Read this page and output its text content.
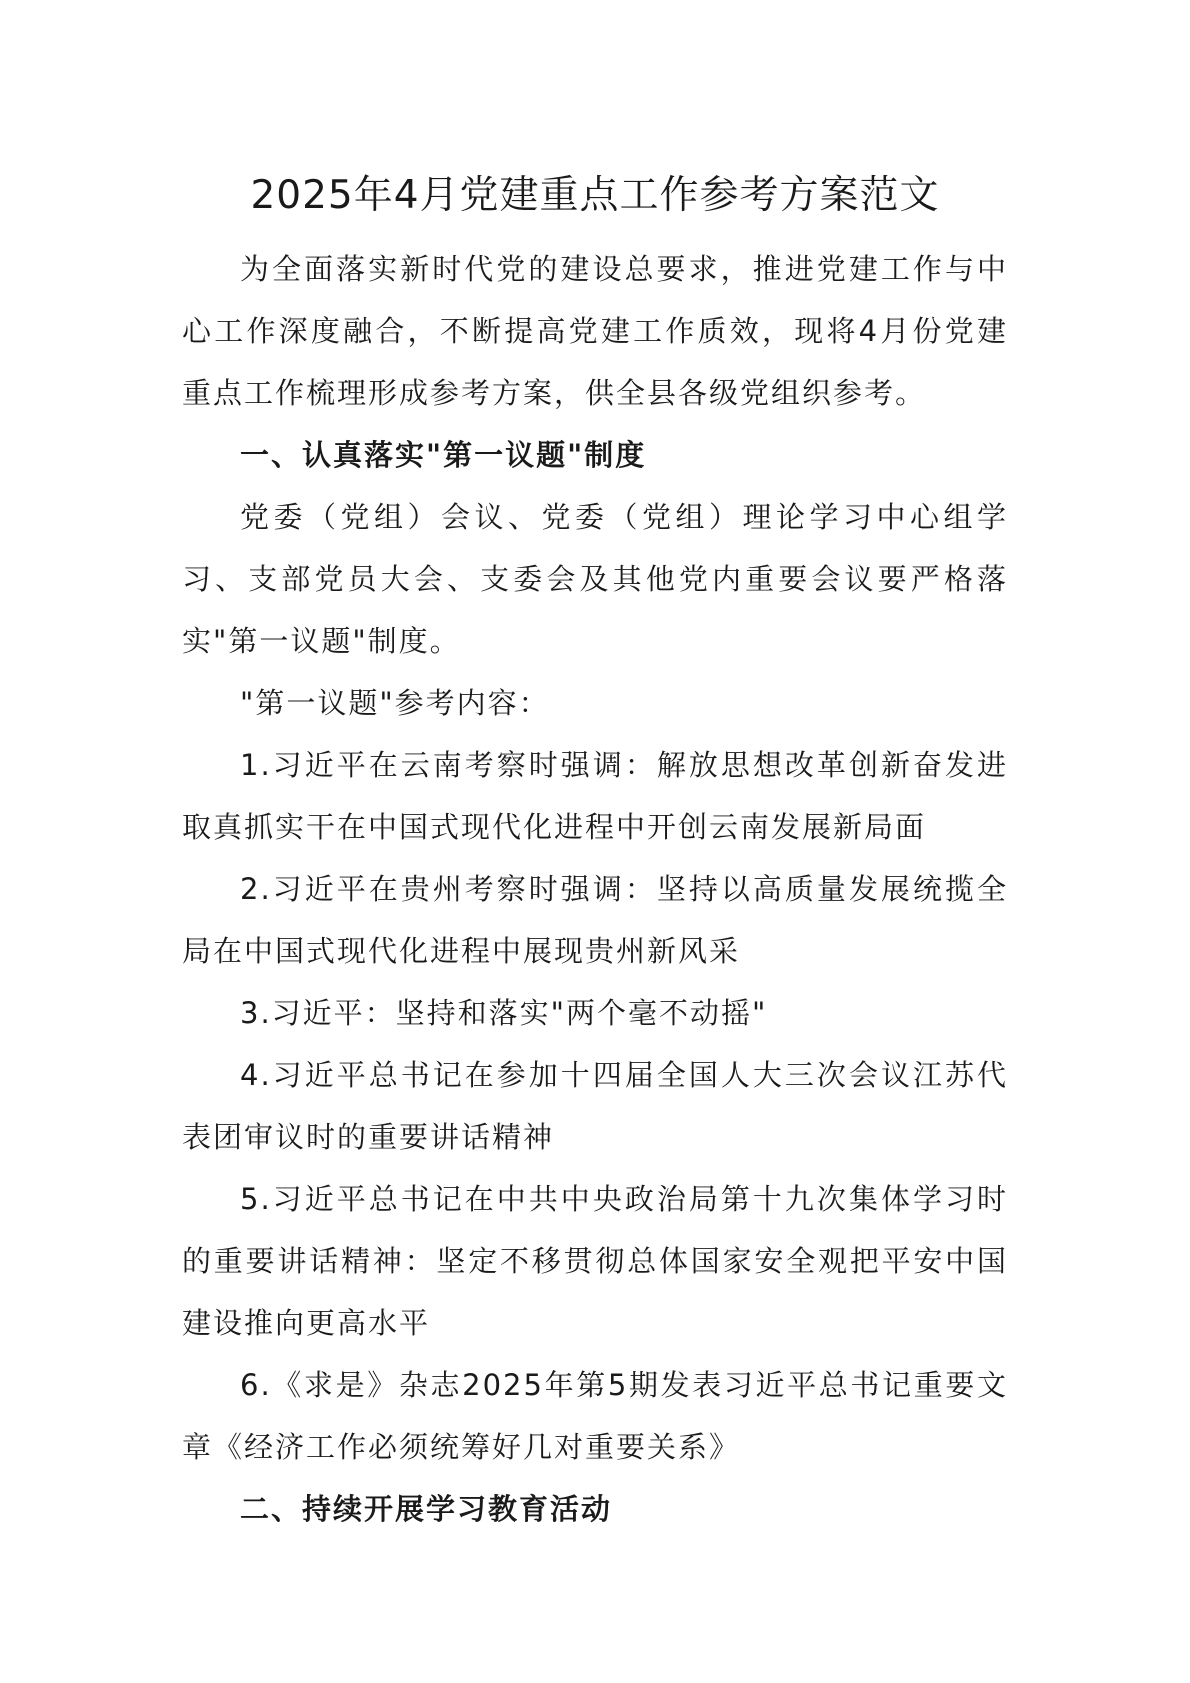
2025年4月党建重点工作参考方案范文

为全面落实新时代党的建设总要求，推进党建工作与中心工作深度融合，不断提高党建工作质效，现将4月份党建重点工作梳理形成参考方案，供全县各级党组织参考。

一、认真落实"第一议题"制度

党委（党组）会议、党委（党组）理论学习中心组学习、支部党员大会、支委会及其他党内重要会议要严格落实"第一议题"制度。

"第一议题"参考内容：

1.习近平在云南考察时强调：解放思想改革创新奋发进取真抓实干在中国式现代化进程中开创云南发展新局面

2.习近平在贵州考察时强调：坚持以高质量发展统揽全局在中国式现代化进程中展现贵州新风采

3.习近平：坚持和落实"两个毫不动摇"

4.习近平总书记在参加十四届全国人大三次会议江苏代表团审议时的重要讲话精神

5.习近平总书记在中共中央政治局第十九次集体学习时的重要讲话精神：坚定不移贯彻总体国家安全观把平安中国建设推向更高水平

6.《求是》杂志2025年第5期发表习近平总书记重要文章《经济工作必须统筹好几对重要关系》

二、持续开展学习教育活动
